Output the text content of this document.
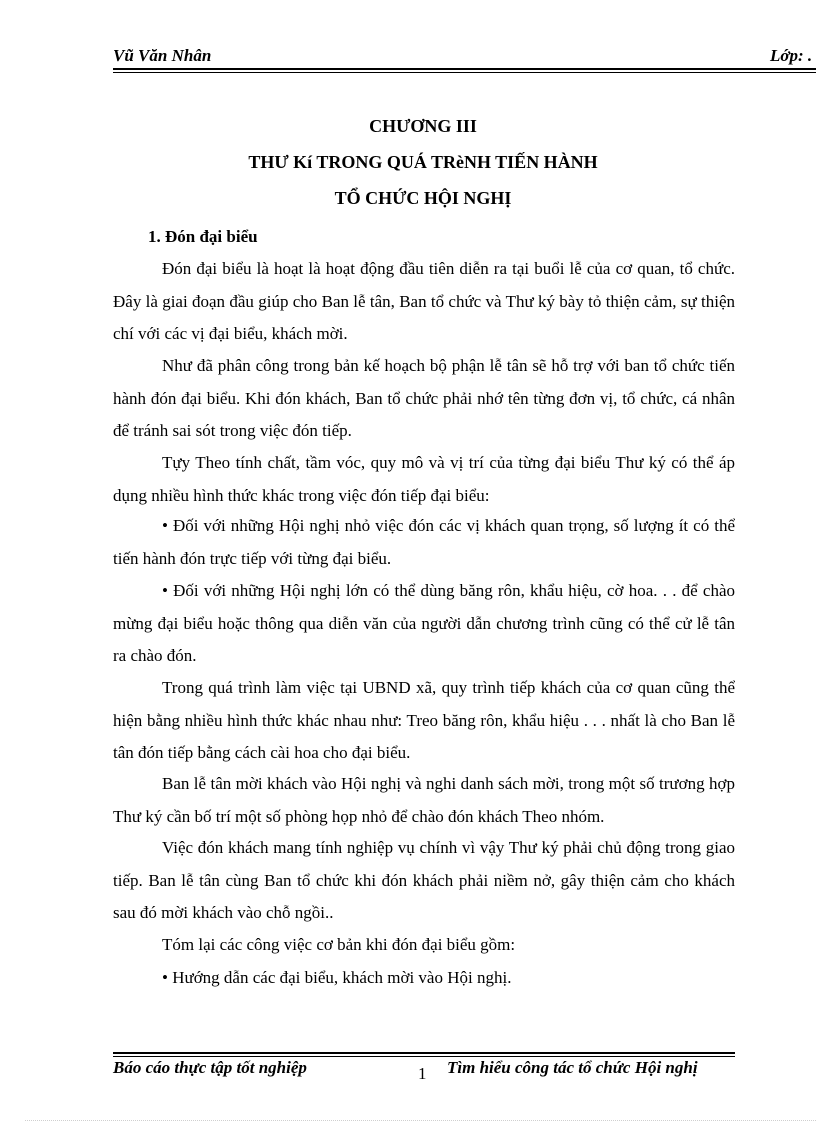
Vũ Văn Nhân	Lớp: .
CHƯƠNG III
THƯ Kí TRONG QUÁ TRèNH TIẾN HÀNH
TỔ CHỨC HỘI NGHỊ
1. Đón đại biểu

Đón đại biểu là hoạt là hoạt động đầu tiên diễn ra tại buổi lễ của cơ quan, tổ chức. Đây là giai đoạn đầu giúp cho Ban lễ tân, Ban tổ chức và Thư ký bày tỏ thiện cảm, sự thiện chí với các vị đại biểu, khách mời.

Như đã phân công trong bản kế hoạch bộ phận lễ tân sẽ hỗ trợ với ban tổ chức tiến hành đón đại biểu. Khi đón khách, Ban tổ chức phải nhớ tên từng đơn vị, tổ chức, cá nhân để tránh sai sót trong việc đón tiếp.

Tựy Theo tính chất, tầm vóc, quy mô và vị trí của từng đại biểu Thư ký có thể áp dụng nhiều hình thức khác trong việc đón tiếp đại biểu:

• Đối với những Hội nghị nhỏ việc đón các vị khách quan trọng, số lượng ít có thể tiến hành đón trực tiếp với từng đại biểu.

• Đối với những Hội nghị lớn có thể dùng băng rôn, khẩu hiệu, cờ hoa. . . để chào mừng đại biểu hoặc thông qua diễn văn của người dẫn chương trình cũng có thể cử lễ tân ra chào đón.

Trong quá trình làm việc tại UBND xã, quy trình tiếp khách của cơ quan cũng thể hiện bằng nhiều hình thức khác nhau như: Treo băng rôn, khẩu hiệu . . . nhất là cho Ban lễ tân đón tiếp bằng cách cài hoa cho đại biểu.

Ban lễ tân mời khách vào Hội nghị và nghi danh sách mời, trong một số trương hợp Thư ký cần bố trí một số phòng họp nhỏ để chào đón khách Theo nhóm.

Việc đón khách mang tính nghiệp vụ chính vì vậy Thư ký phải chủ động trong giao tiếp. Ban lễ tân cùng Ban tổ chức khi đón khách phải niềm nở, gây thiện cảm cho khách sau đó mời khách vào chỗ ngồi..

Tóm lại các công việc cơ bản khi đón đại biểu gồm:

• Hướng dẫn các đại biểu, khách mời vào Hội nghị.

Báo cáo thực tập tốt nghiệp	1 Tìm hiểu công tác tổ chức Hội nghị
